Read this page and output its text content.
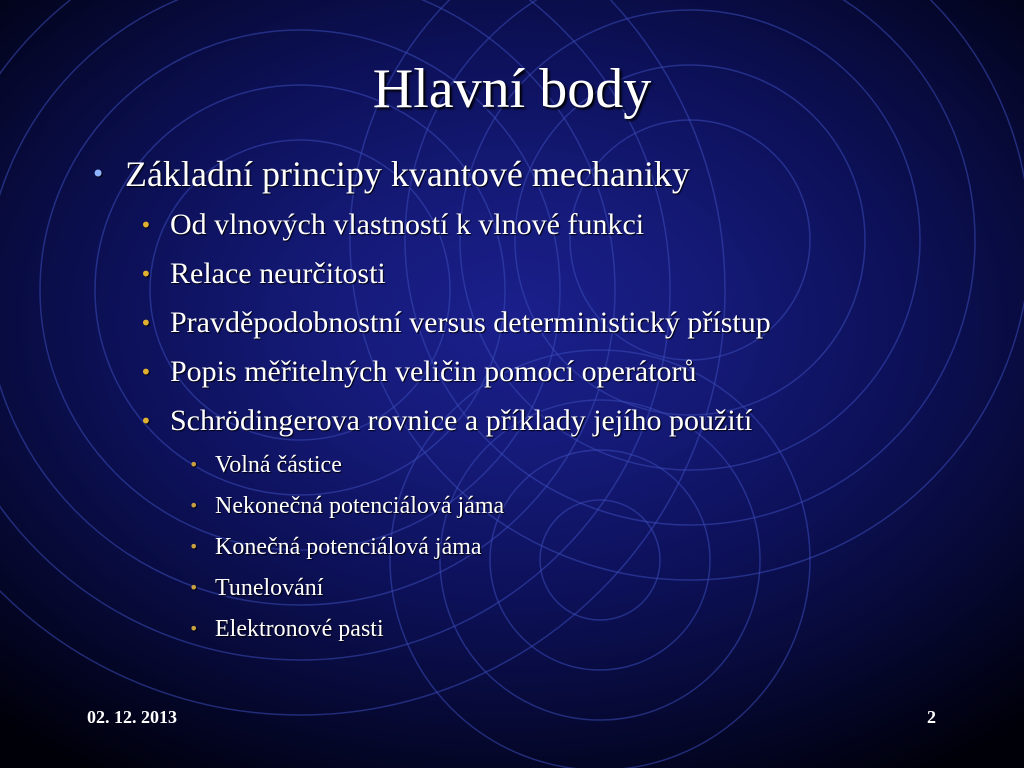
Hlavní body
• Základní principy kvantové mechaniky
• Od vlnových vlastností k vlnové funkci
• Relace neurčitosti
• Pravděpodobnostní versus deterministický přístup
• Popis měřitelných veličin pomocí operátorů
• Schrödingerova rovnice a příklady jejího použití
• Volná částice
• Nekonečná potenciálová jáma
• Konečná potenciálová jáma
• Tunelování
• Elektronové pasti
02. 12. 2013	2
